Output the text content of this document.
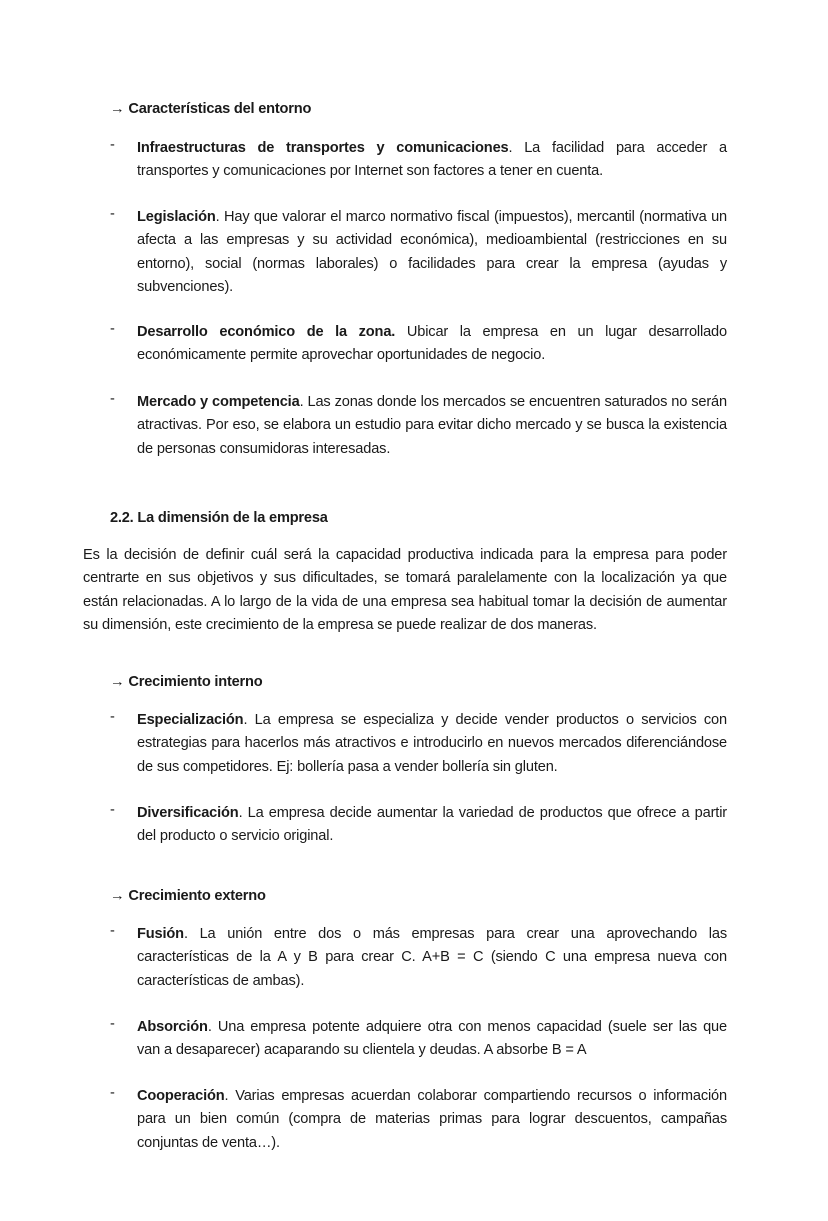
→ Características del entorno
- Infraestructuras de transportes y comunicaciones. La facilidad para acceder a transportes y comunicaciones por Internet son factores a tener en cuenta.
- Legislación. Hay que valorar el marco normativo fiscal (impuestos), mercantil (normativa un afecta a las empresas y su actividad económica), medioambiental (restricciones en su entorno), social (normas laborales) o facilidades para crear la empresa (ayudas y subvenciones).
- Desarrollo económico de la zona. Ubicar la empresa en un lugar desarrollado económicamente permite aprovechar oportunidades de negocio.
- Mercado y competencia. Las zonas donde los mercados se encuentren saturados no serán atractivas. Por eso, se elabora un estudio para evitar dicho mercado y se busca la existencia de personas consumidoras interesadas.
2.2. La dimensión de la empresa
Es la decisión de definir cuál será la capacidad productiva indicada para la empresa para poder centrarte en sus objetivos y sus dificultades, se tomará paralelamente con la localización ya que están relacionadas. A lo largo de la vida de una empresa sea habitual tomar la decisión de aumentar su dimensión, este crecimiento de la empresa se puede realizar de dos maneras.
→ Crecimiento interno
- Especialización. La empresa se especializa y decide vender productos o servicios con estrategias para hacerlos más atractivos e introducirlo en nuevos mercados diferenciándose de sus competidores. Ej: bollería pasa a vender bollería sin gluten.
- Diversificación. La empresa decide aumentar la variedad de productos que ofrece a partir del producto o servicio original.
→ Crecimiento externo
- Fusión. La unión entre dos o más empresas para crear una aprovechando las características de la A y B para crear C. A+B = C (siendo C una empresa nueva con características de ambas).
- Absorción. Una empresa potente adquiere otra con menos capacidad (suele ser las que van a desaparecer) acaparando su clientela y deudas. A absorbe B = A
- Cooperación. Varias empresas acuerdan colaborar compartiendo recursos o información para un bien común (compra de materias primas para lograr descuentos, campañas conjuntas de venta…).
